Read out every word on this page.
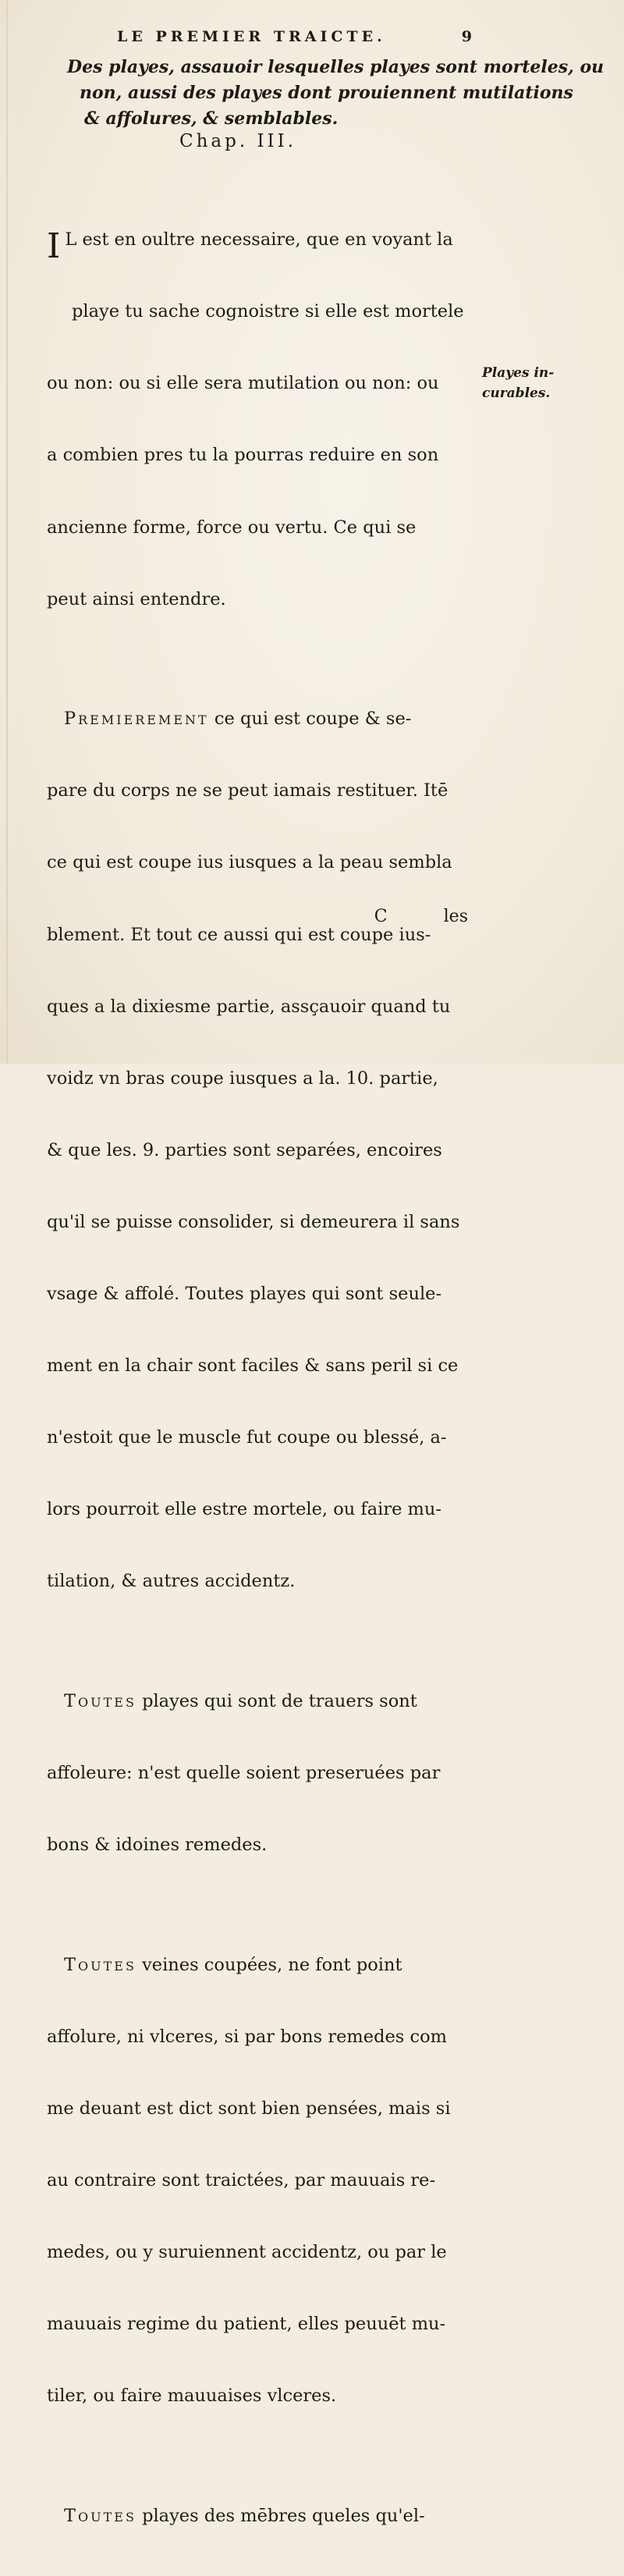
LE PREMIER TRAICTE.	9
Des playes, assauoir lesquelles playes sont morteles, ou
non, aussi des playes dont prouiennent mutilations
& affolures, & semblables.
Chap. III.

I L est en oultre necessaire, que en voyant la

playe tu sache cognoistre si elle est mortele

ou non: ou si elle sera mutilation ou non: ou

a combien pres tu la pourras reduire en son

ancienne forme, force ou vertu. Ce qui se

peut ainsi entendre.

Premierement ce qui est coupe & se-

pare du corps ne se peut iamais restituer. Itē

ce qui est coupe ius iusques a la peau sembla

blement. Et tout ce aussi qui est coupe ius-

ques a la dixiesme partie, assçauoir quand tu

voidz vn bras coupe iusques a la. 10. partie,

& que les. 9. parties sont separées, encoires

qu'il se puisse consolider, si demeurera il sans

vsage & affolé. Toutes playes qui sont seule-

ment en la chair sont faciles & sans peril si ce

n'estoit que le muscle fut coupe ou blessé, a-

lors pourroit elle estre mortele, ou faire mu-

tilation, & autres accidentz.

Toutes playes qui sont de trauers sont

affoleure: n'est quelle soient preseruées par

bons & idoines remedes.

Toutes veines coupées, ne font point

affolure, ni vlceres, si par bons remedes com

me deuant est dict sont bien pensées, mais si

au contraire sont traictées, par mauuais re-

medes, ou y suruiennent accidentz, ou par le

mauuais regime du patient, elles peuuēt mu-

tiler, ou faire mauuaises vlceres.

Toutes playes des mēbres queles qu'el-

Playes in-
curables.
C	les
